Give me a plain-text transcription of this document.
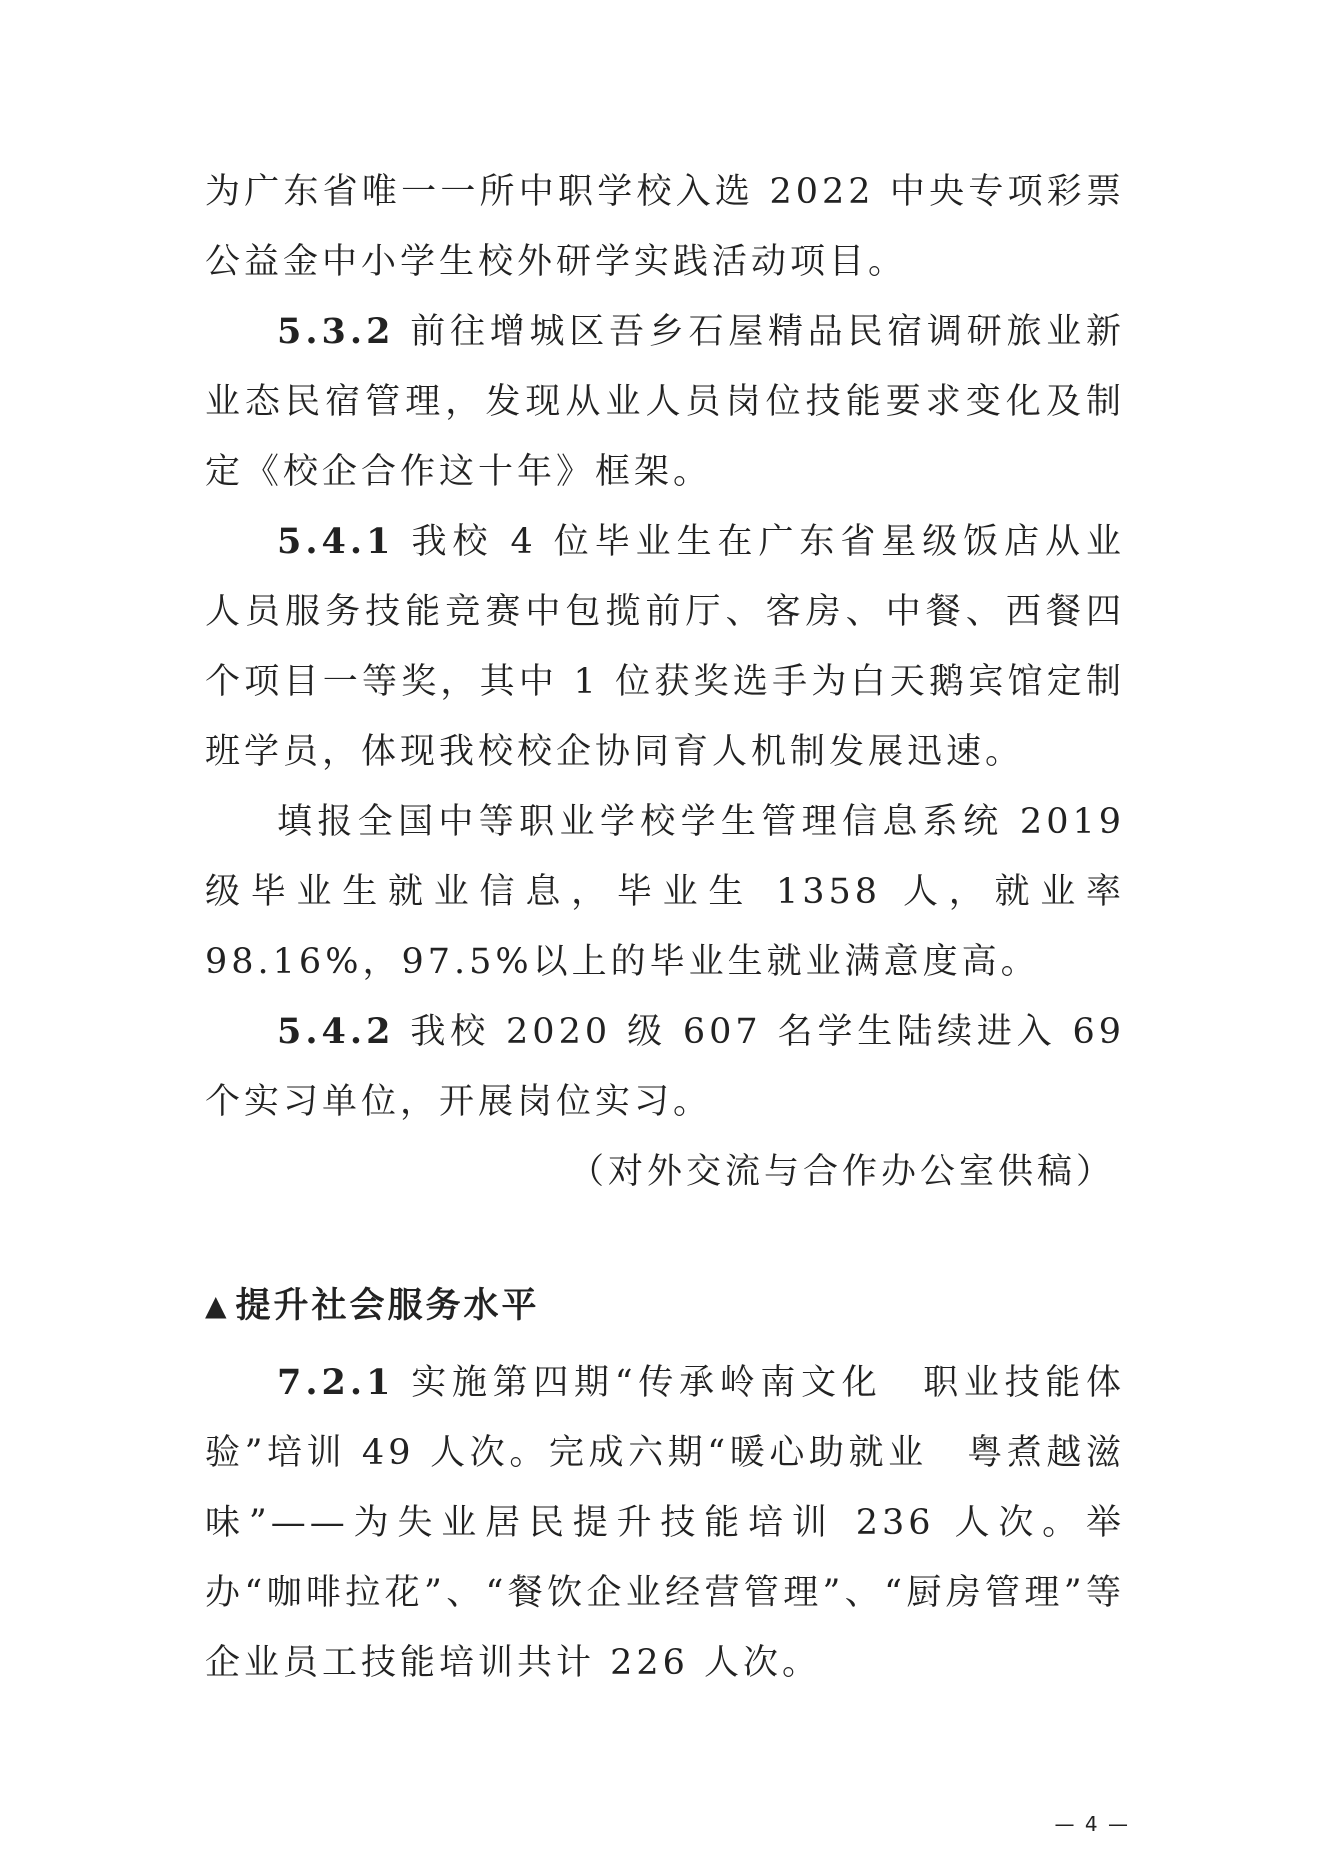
为广东省唯一一所中职学校入选 2022 中央专项彩票公益金中小学生校外研学实践活动项目。

5.3.2 前往增城区吾乡石屋精品民宿调研旅业新业态民宿管理，发现从业人员岗位技能要求变化及制定《校企合作这十年》框架。

5.4.1 我校 4 位毕业生在广东省星级饭店从业人员服务技能竞赛中包揽前厅、客房、中餐、西餐四个项目一等奖，其中 1 位获奖选手为白天鹅宾馆定制班学员，体现我校校企协同育人机制发展迅速。

填报全国中等职业学校学生管理信息系统 2019 级毕业生就业信息，毕业生 1358 人，就业率 98.16%，97.5%以上的毕业生就业满意度高。

5.4.2 我校 2020 级 607 名学生陆续进入 69 个实习单位，开展岗位实习。

（对外交流与合作办公室供稿）

▲ 提升社会服务水平

7.2.1 实施第四期“传承岭南文化　职业技能体验”培训 49 人次。完成六期“暖心助就业　粤煮越滋味”——为失业居民提升技能培训 236 人次。举办“咖啡拉花”、“餐饮企业经营管理”、“厨房管理”等企业员工技能培训共计 226 人次。

— 4 —
